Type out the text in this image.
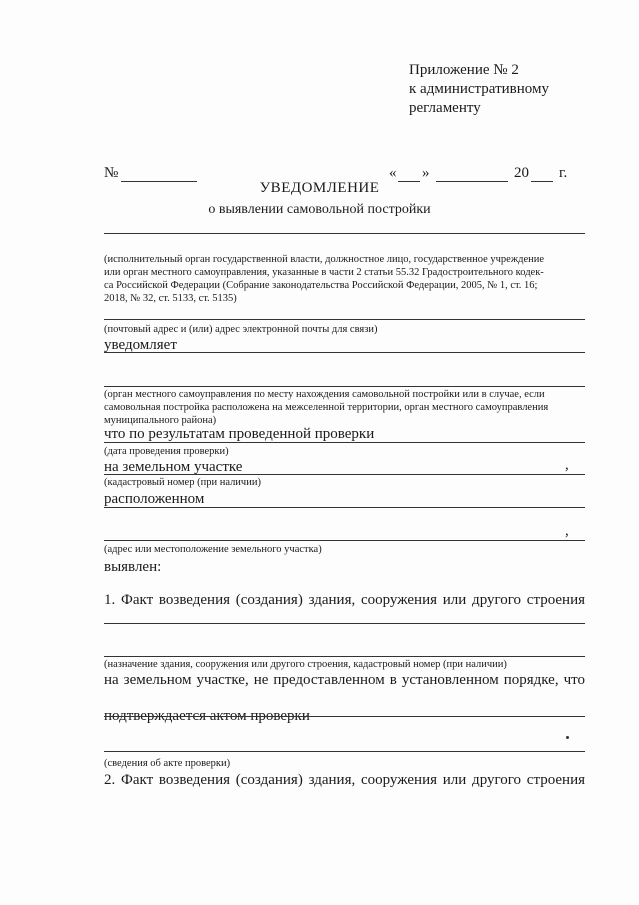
Приложение № 2
к административному
регламенту
№	« »	20 г.
УВЕДОМЛЕНИЕ
о выявлении самовольной постройки
(исполнительный орган государственной власти, должностное лицо, государственное учреждение
или орган местного самоуправления, указанные в части 2 статьи 55.32 Градостроительного кодек-
са Российской Федерации (Собрание законодательства Российской Федерации, 2005, № 1, ст. 16;
2018, № 32, ст. 5133, ст. 5135)
(почтовый адрес и (или) адрес электронной почты для связи)
уведомляет
(орган местного самоуправления по месту нахождения самовольной постройки или в случае, если
самовольная постройка расположена на межселенной территории, орган местного самоуправления
муниципального района)
что по результатам проведенной проверки
(дата проведения проверки)
на земельном участке	,
(кадастровый номер (при наличии)
расположенном
,
(адрес или местоположение земельного участка)
выявлен:
1. Факт возведения (создания) здания, сооружения или другого строения
(назначение здания, сооружения или другого строения, кадастровый номер (при наличии)
на земельном участке, не предоставленном в установленном порядке, что
подтверждается актом проверки
(сведения об акте проверки)
2. Факт возведения (создания) здания, сооружения или другого строения
